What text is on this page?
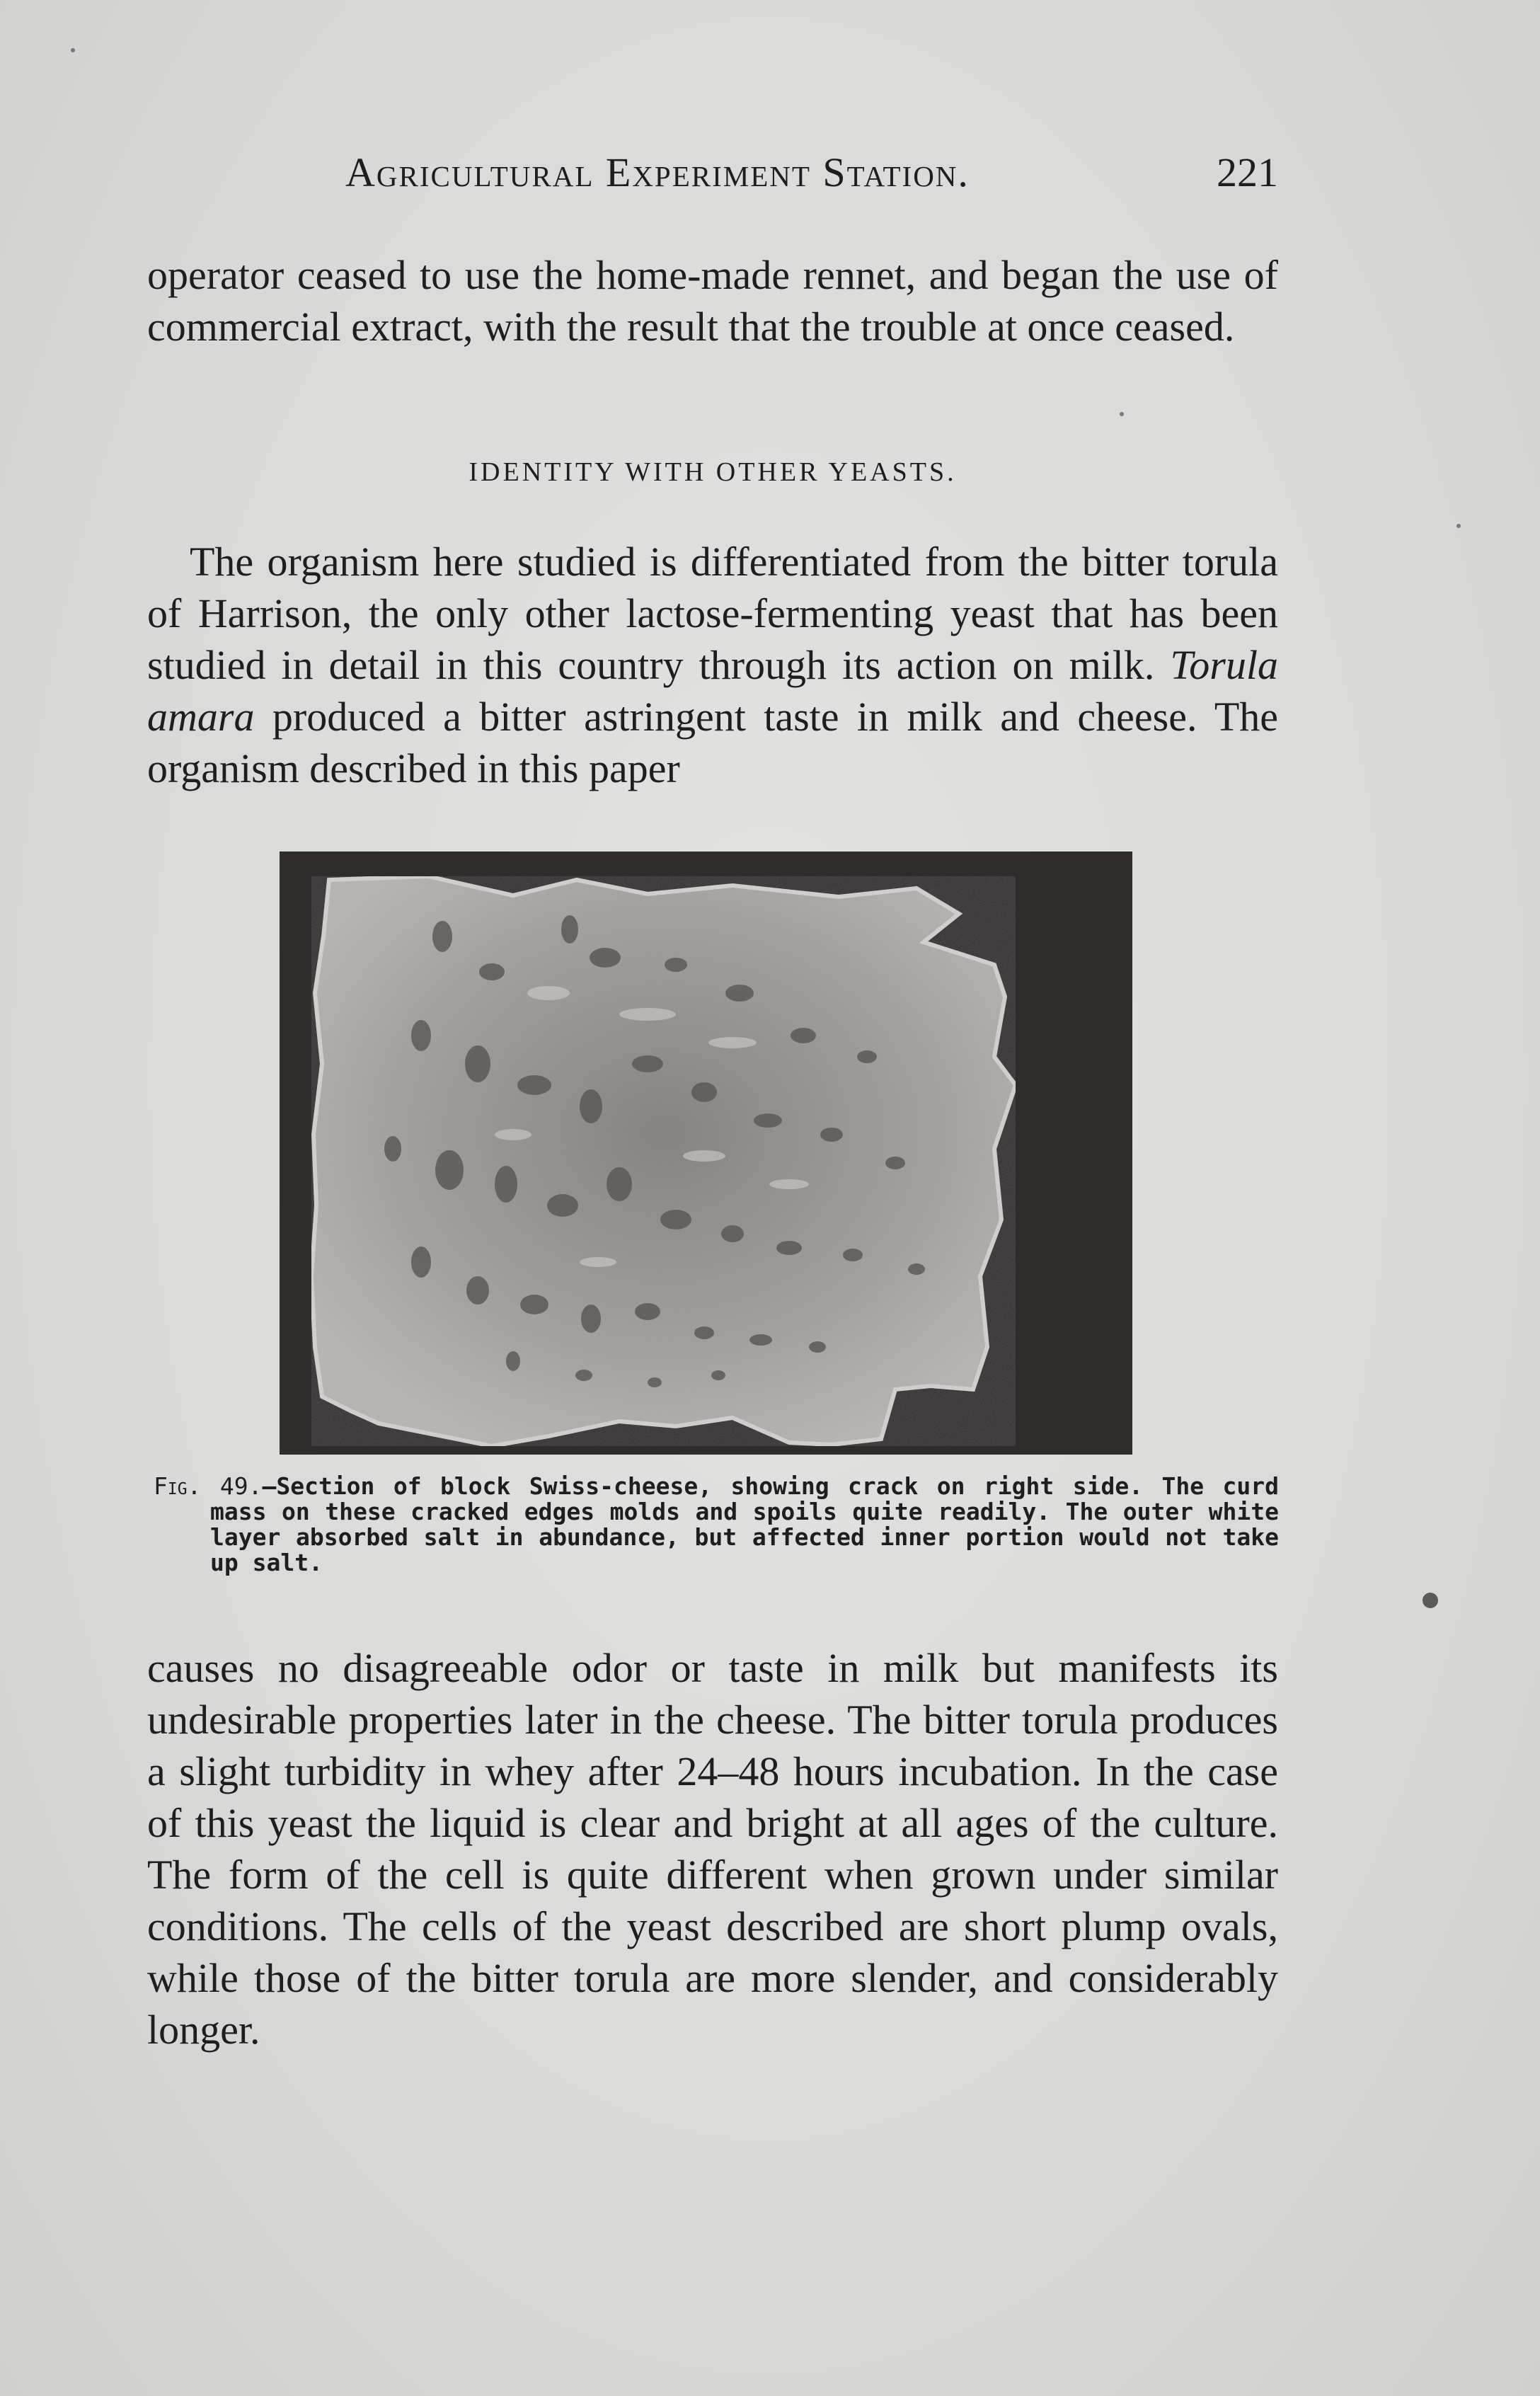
Agricultural Experiment Station.	221

operator ceased to use the home-made rennet, and began the use of commercial extract, with the result that the trouble at once ceased.

IDENTITY WITH OTHER YEASTS.

The organism here studied is differentiated from the bitter torula of Harrison, the only other lactose-fermenting yeast that has been studied in detail in this country through its action on milk. Torula amara produced a bitter astringent taste in milk and cheese. The organism described in this paper

Fig. 49.—Section of block Swiss-cheese, showing crack on right side. The curd mass on these cracked edges molds and spoils quite readily. The outer white layer absorbed salt in abundance, but affected inner portion would not take up salt.

causes no disagreeable odor or taste in milk but manifests its undesirable properties later in the cheese. The bitter torula produces a slight turbidity in whey after 24–48 hours incubation. In the case of this yeast the liquid is clear and bright at all ages of the culture. The form of the cell is quite different when grown under similar conditions. The cells of the yeast described are short plump ovals, while those of the bitter torula are more slender, and considerably longer.
